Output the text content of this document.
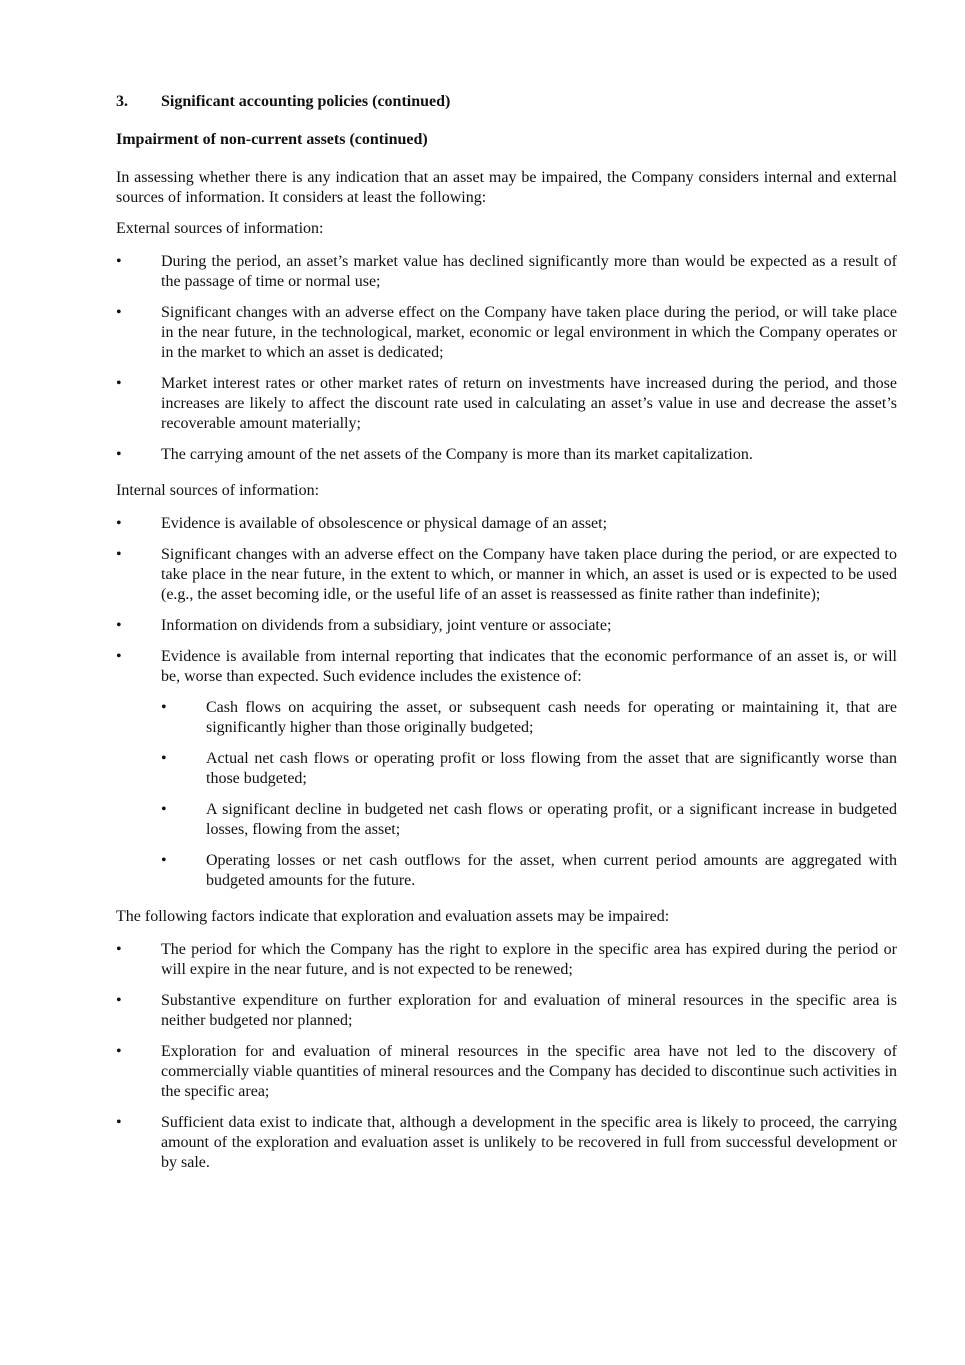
3.	Significant accounting policies (continued)
Impairment of non-current assets (continued)

In assessing whether there is any indication that an asset may be impaired, the Company considers internal and external sources of information. It considers at least the following:

External sources of information:

• During the period, an asset’s market value has declined significantly more than would be expected as a result of the passage of time or normal use;
• Significant changes with an adverse effect on the Company have taken place during the period, or will take place in the near future, in the technological, market, economic or legal environment in which the Company operates or in the market to which an asset is dedicated;
• Market interest rates or other market rates of return on investments have increased during the period, and those increases are likely to affect the discount rate used in calculating an asset’s value in use and decrease the asset’s recoverable amount materially;
• The carrying amount of the net assets of the Company is more than its market capitalization.

Internal sources of information:

• Evidence is available of obsolescence or physical damage of an asset;
• Significant changes with an adverse effect on the Company have taken place during the period, or are expected to take place in the near future, in the extent to which, or manner in which, an asset is used or is expected to be used (e.g., the asset becoming idle, or the useful life of an asset is reassessed as finite rather than indefinite);
• Information on dividends from a subsidiary, joint venture or associate;
• Evidence is available from internal reporting that indicates that the economic performance of an asset is, or will be, worse than expected. Such evidence includes the existence of:
• Cash flows on acquiring the asset, or subsequent cash needs for operating or maintaining it, that are significantly higher than those originally budgeted;
• Actual net cash flows or operating profit or loss flowing from the asset that are significantly worse than those budgeted;
• A significant decline in budgeted net cash flows or operating profit, or a significant increase in budgeted losses, flowing from the asset;
• Operating losses or net cash outflows for the asset, when current period amounts are aggregated with budgeted amounts for the future.

The following factors indicate that exploration and evaluation assets may be impaired:

• The period for which the Company has the right to explore in the specific area has expired during the period or will expire in the near future, and is not expected to be renewed;
• Substantive expenditure on further exploration for and evaluation of mineral resources in the specific area is neither budgeted nor planned;
• Exploration for and evaluation of mineral resources in the specific area have not led to the discovery of commercially viable quantities of mineral resources and the Company has decided to discontinue such activities in the specific area;
• Sufficient data exist to indicate that, although a development in the specific area is likely to proceed, the carrying amount of the exploration and evaluation asset is unlikely to be recovered in full from successful development or by sale.
